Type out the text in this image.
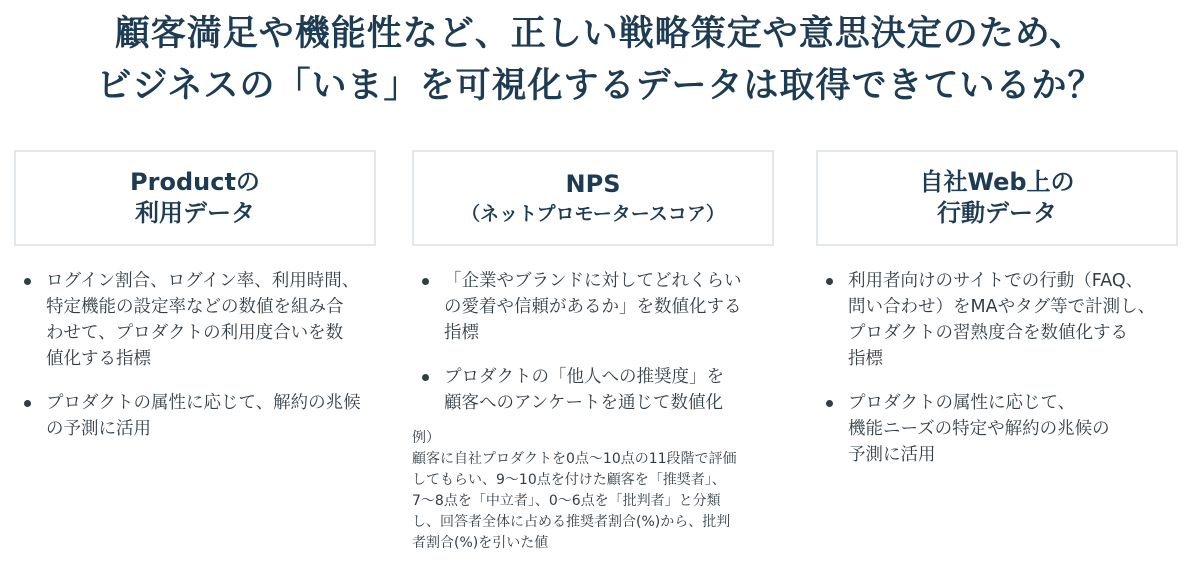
顧客満足や機能性など、正しい戦略策定や意思決定のため、
ビジネスの「いま」を可視化するデータは取得できているか？
Productの
利用データ
ログイン割合、ログイン率、利用時間、
特定機能の設定率などの数値を組み合
わせて、プロダクトの利用度合いを数
値化する指標
プロダクトの属性に応じて、解約の兆候
の予測に活用
NPS
（ネットプロモータースコア）
「企業やブランドに対してどれくらい
の愛着や信頼があるか」を数値化する
指標
プロダクトの「他人への推奨度」を
顧客へのアンケートを通じて数値化
例）
顧客に自社プロダクトを0点〜10点の11段階で評価
してもらい、9〜10点を付けた顧客を「推奨者」、
7〜8点を「中立者」、0〜6点を「批判者」と分類
し、回答者全体に占める推奨者割合(%)から、批判
者割合(%)を引いた値
自社Web上の
行動データ
利用者向けのサイトでの行動（FAQ、
問い合わせ）をMAやタグ等で計測し、
プロダクトの習熟度合を数値化する
指標
プロダクトの属性に応じて、
機能ニーズの特定や解約の兆候の
予測に活用
